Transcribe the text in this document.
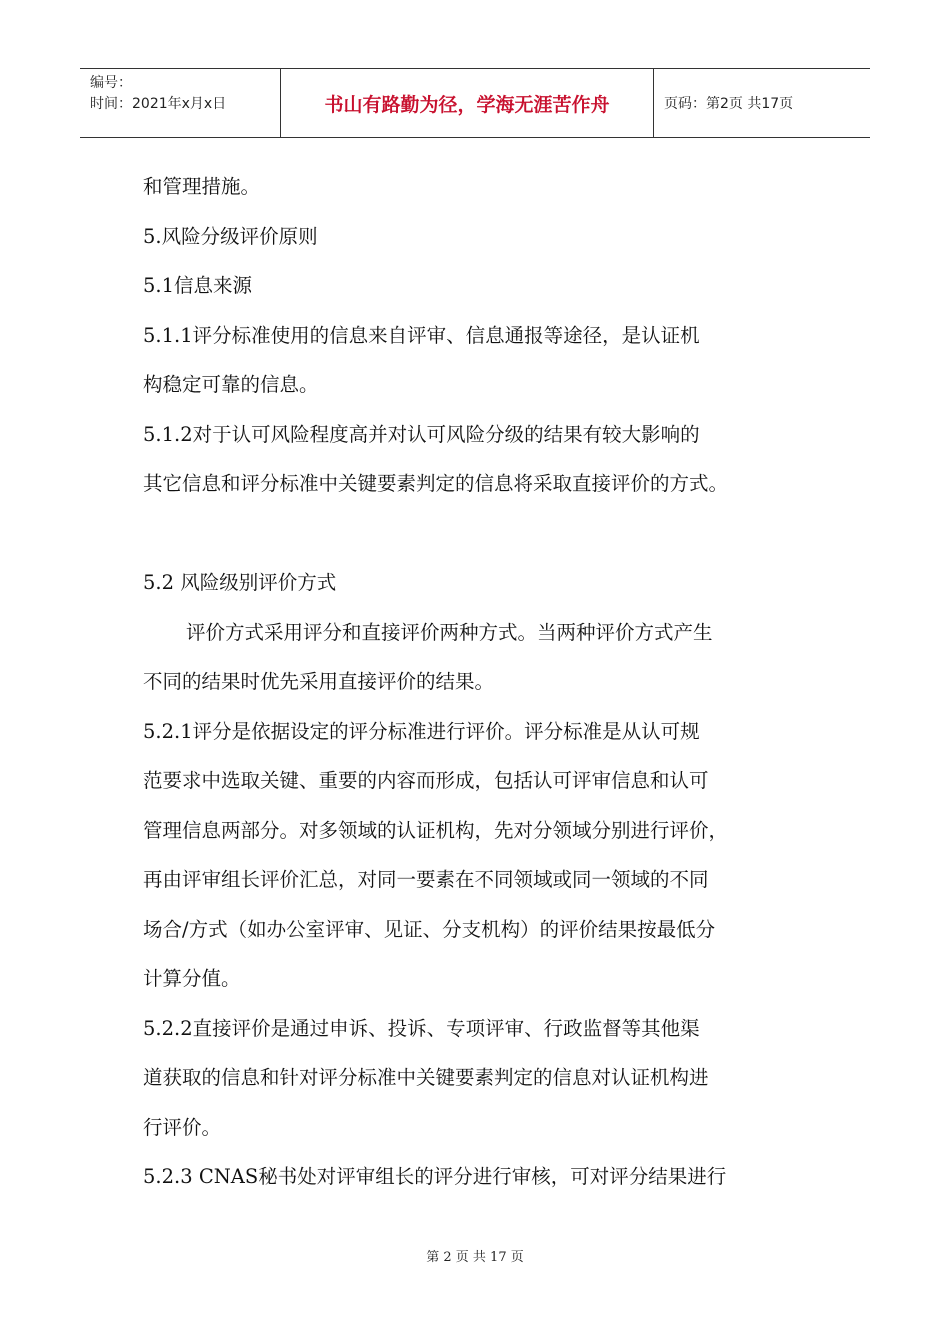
编号：
时间：2021年x月x日	书山有路勤为径，学海无涯苦作舟	页码：第2页 共17页
和管理措施。
5.风险分级评价原则
5.1信息来源
5.1.1评分标准使用的信息来自评审、信息通报等途径，是认证机
构稳定可靠的信息。
5.1.2对于认可风险程度高并对认可风险分级的结果有较大影响的
其它信息和评分标准中关键要素判定的信息将采取直接评价的方式。
5.2 风险级别评价方式
评价方式采用评分和直接评价两种方式。当两种评价方式产生
不同的结果时优先采用直接评价的结果。
5.2.1评分是依据设定的评分标准进行评价。评分标准是从认可规
范要求中选取关键、重要的内容而形成，包括认可评审信息和认可
管理信息两部分。对多领域的认证机构，先对分领域分别进行评价，
再由评审组长评价汇总，对同一要素在不同领域或同一领域的不同
场合/方式（如办公室评审、见证、分支机构）的评价结果按最低分
计算分值。
5.2.2直接评价是通过申诉、投诉、专项评审、行政监督等其他渠
道获取的信息和针对评分标准中关键要素判定的信息对认证机构进
行评价。
5.2.3 CNAS秘书处对评审组长的评分进行审核，可对评分结果进行
第 2 页 共 17 页
